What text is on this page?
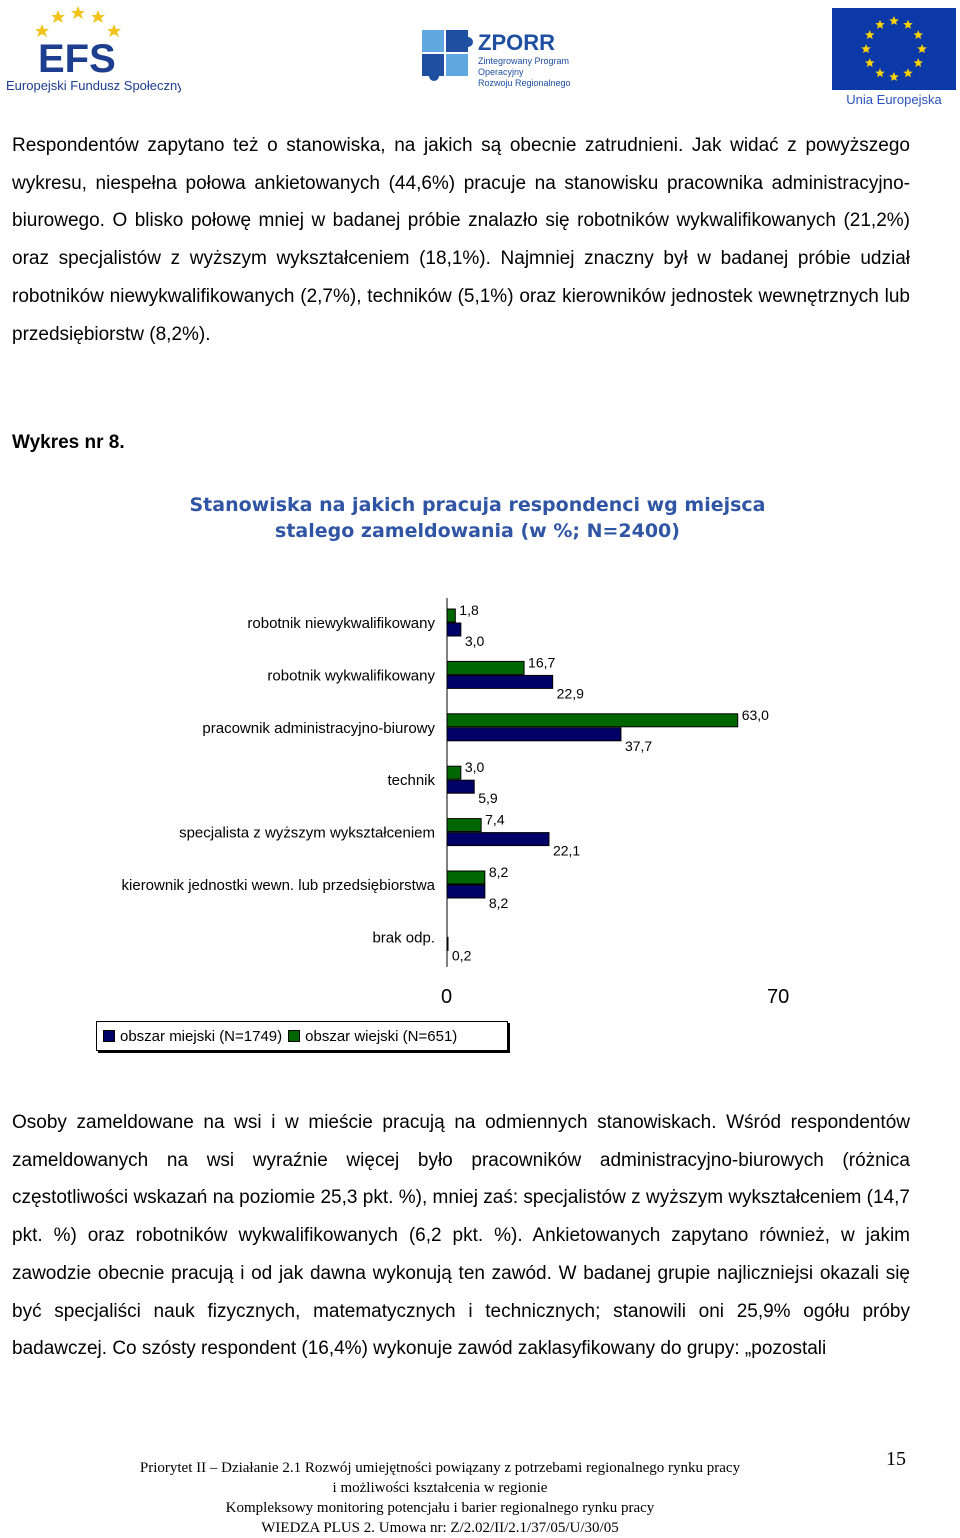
EFS
Europejski Fundusz Społeczny
ZPORR
Zintegrowany Program
Operacyjny
Rozwoju Regionalnego
Unia Europejska
Respondentów zapytano też o stanowiska, na jakich są obecnie zatrudnieni. Jak widać z powyższego wykresu, niespełna połowa ankietowanych (44,6%) pracuje na stanowisku pracownika administracyjno-biurowego. O blisko połowę mniej w badanej próbie znalazło się robotników wykwalifikowanych (21,2%) oraz specjalistów z wyższym wykształceniem (18,1%). Najmniej znaczny był w badanej próbie udział robotników niewykwalifikowanych (2,7%), techników (5,1%) oraz kierowników jednostek wewnętrznych lub przedsiębiorstw (8,2%).
Wykres nr 8.
Stanowiska na jakich pracuja respondenci wg miejsca stalego zameldowania (w %; N=2400)
robotnik niewykwalifikowany
1,8
3,0
robotnik wykwalifikowany
16,7
22,9
pracownik administracyjno-biurowy
63,0
37,7
technik
3,0
5,9
specjalista z wyższym wykształceniem
7,4
22,1
kierownik jednostki wewn. lub przedsiębiorstwa
8,2
8,2
brak odp.
0,2
0	70
obszar miejski (N=1749) obszar wiejski (N=651)
Osoby zameldowane na wsi i w mieście pracują na odmiennych stanowiskach. Wśród respondentów zameldowanych na wsi wyraźnie więcej było pracowników administracyjno-biurowych (różnica częstotliwości wskazań na poziomie 25,3 pkt. %), mniej zaś: specjalistów z wyższym wykształceniem (14,7 pkt. %) oraz robotników wykwalifikowanych (6,2 pkt. %). Ankietowanych zapytano również, w jakim zawodzie obecnie pracują i od jak dawna wykonują ten zawód. W badanej grupie najliczniejsi okazali się być specjaliści nauk fizycznych, matematycznych i technicznych; stanowili oni 25,9% ogółu próby badawczej. Co szósty respondent (16,4%) wykonuje zawód zaklasyfikowany do grupy: „pozostali
Priorytet II – Działanie 2.1 Rozwój umiejętności powiązany z potrzebami regionalnego rynku pracy
i możliwości kształcenia w regionie
Kompleksowy monitoring potencjału i barier regionalnego rynku pracy
WIEDZA PLUS 2. Umowa nr: Z/2.02/II/2.1/37/05/U/30/05
15
